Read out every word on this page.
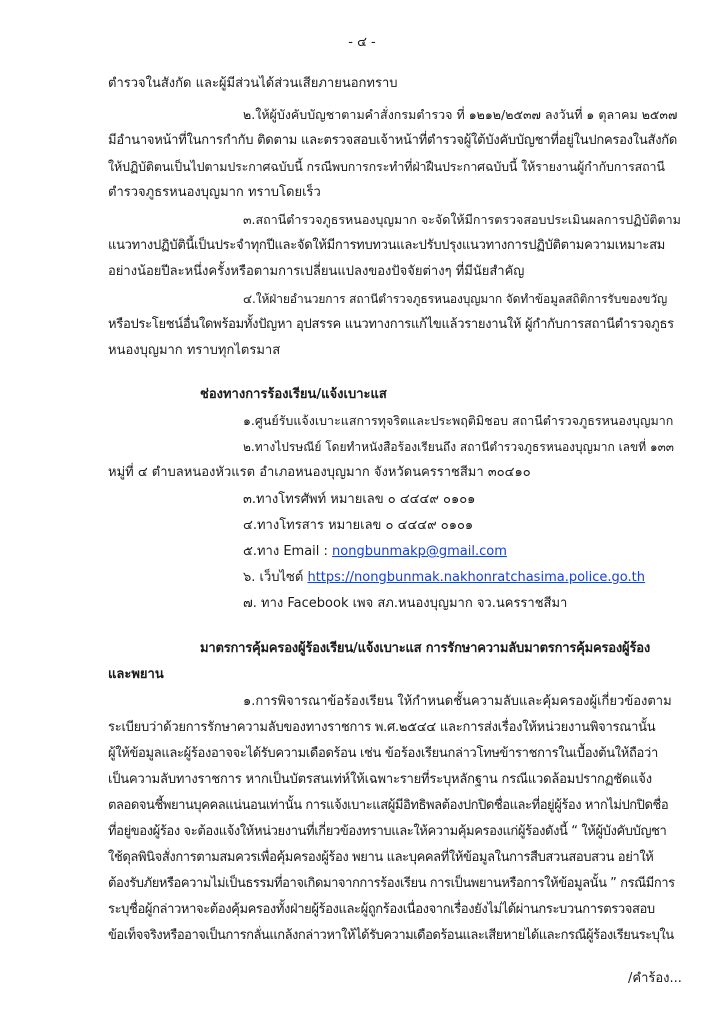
- ๔ -

ตำรวจในสังกัด และผู้มีส่วนได้ส่วนเสียภายนอกทราบ

๒.ให้ผู้บังคับบัญชาตามคำสั่งกรมตำรวจ ที่ ๑๒๑๒/๒๕๓๗ ลงวันที่ ๑ ตุลาคม ๒๕๓๗

มีอำนาจหน้าที่ในการกำกับ ติดตาม และตรวจสอบเจ้าหน้าที่ตำรวจผู้ใต้บังคับบัญชาที่อยู่ในปกครองในสังกัด

ให้ปฏิบัติตนเป็นไปตามประกาศฉบับนี้ กรณีพบการกระทำที่ฝ่าฝืนประกาศฉบับนี้ ให้รายงานผู้กำกับการสถานี

ตำรวจภูธรหนองบุญมาก ทราบโดยเร็ว

๓.สถานีตำรวจภูธรหนองบุญมาก จะจัดให้มีการตรวจสอบประเมินผลการปฏิบัติตาม

แนวทางปฏิบัตินี้เป็นประจำทุกปีและจัดให้มีการทบทวนและปรับปรุงแนวทางการปฏิบัติตามความเหมาะสม

อย่างน้อยปีละหนึ่งครั้งหรือตามการเปลี่ยนแปลงของปัจจัยต่างๆ ที่มีนัยสำคัญ

๔.ให้ฝ่ายอำนวยการ สถานีตำรวจภูธรหนองบุญมาก จัดทำข้อมูลสถิติการรับของขวัญ

หรือประโยชน์อื่นใดพร้อมทั้งปัญหา อุปสรรค แนวทางการแก้ไขแล้วรายงานให้ ผู้กำกับการสถานีตำรวจภูธร

หนองบุญมาก ทราบทุกไตรมาส

ช่องทางการร้องเรียน/แจ้งเบาะแส

๑.ศูนย์รับแจ้งเบาะแสการทุจริตและประพฤติมิชอบ สถานีตำรวจภูธรหนองบุญมาก

๒.ทางไปรษณีย์ โดยทำหนังสือร้องเรียนถึง สถานีตำรวจภูธรหนองบุญมาก เลขที่ ๑๓๓

หมู่ที่ ๔ ตำบลหนองหัวแรต อำเภอหนองบุญมาก จังหวัดนครราชสีมา ๓๐๔๑๐

๓.ทางโทรศัพท์ หมายเลข ๐ ๔๔๔๙ ๐๑๐๑

๔.ทางโทรสาร หมายเลข ๐ ๔๔๔๙ ๐๑๐๑

๕.ทาง Email : nongbunmakp@gmail.com

๖. เว็บไซต์ https://nongbunmak.nakhonratchasima.police.go.th

๗. ทาง Facebook เพจ สภ.หนองบุญมาก จว.นครราชสีมา

มาตรการคุ้มครองผู้ร้องเรียน/แจ้งเบาะแส การรักษาความลับมาตรการคุ้มครองผู้ร้อง

และพยาน

๑.การพิจารณาข้อร้องเรียน ให้กำหนดชั้นความลับและคุ้มครองผู้เกี่ยวข้องตาม

ระเบียบว่าด้วยการรักษาความลับของทางราชการ พ.ศ.๒๕๔๔ และการส่งเรื่องให้หน่วยงานพิจารณานั้น

ผู้ให้ข้อมูลและผู้ร้องอาจจะได้รับความเดือดร้อน เช่น ข้อร้องเรียนกล่าวโทษข้าราชการในเบื้องต้นให้ถือว่า

เป็นความลับทางราชการ หากเป็นบัตรสนเท่ห์ให้เฉพาะรายที่ระบุหลักฐาน กรณีแวดล้อมปรากฏชัดแจ้ง

ตลอดจนชี้พยานบุคคลแน่นอนเท่านั้น การแจ้งเบาะแสผู้มีอิทธิพลต้องปกปิดชื่อและที่อยู่ผู้ร้อง หากไม่ปกปิดชื่อ

ที่อยู่ของผู้ร้อง จะต้องแจ้งให้หน่วยงานที่เกี่ยวข้องทราบและให้ความคุ้มครองแก่ผู้ร้องดังนี้ “ ให้ผู้บังคับบัญชา

ใช้ดุลพินิจสั่งการตามสมควรเพื่อคุ้มครองผู้ร้อง พยาน และบุคคลที่ให้ข้อมูลในการสืบสวนสอบสวน อย่าให้

ต้องรับภัยหรือความไม่เป็นธรรมที่อาจเกิดมาจากการร้องเรียน การเป็นพยานหรือการให้ข้อมูลนั้น ” กรณีมีการ

ระบุชื่อผู้กล่าวหาจะต้องคุ้มครองทั้งฝ่ายผู้ร้องและผู้ถูกร้องเนื่องจากเรื่องยังไม่ได้ผ่านกระบวนการตรวจสอบ

ข้อเท็จจริงหรืออาจเป็นการกลั่นแกล้งกล่าวหาให้ได้รับความเดือดร้อนและเสียหายได้และกรณีผู้ร้องเรียนระบุใน

/คำร้อง...
